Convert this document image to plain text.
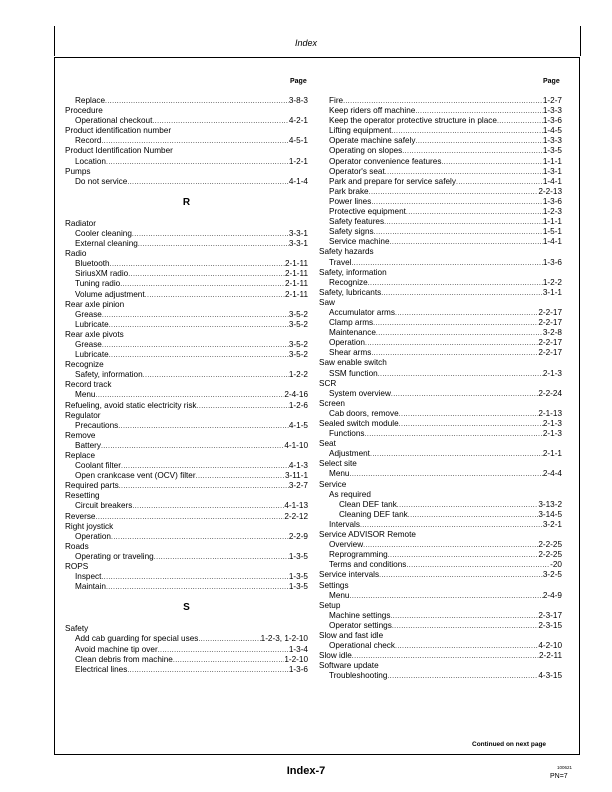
Index
Page	Page
Replace .....	3-8-3
Procedure
Operational checkout .....	4-2-1
Product identification number
Record .....	4-5-1
Product Identification Number
Location .....	1-2-1
Pumps
Do not service .....	4-1-4
R
Radiator
Cooler cleaning .....	3-3-1
External cleaning .....	3-3-1
Radio
Bluetooth .....	2-1-11
SiriusXM radio .....	2-1-11
Tuning radio .....	2-1-11
Volume adjustment .....	2-1-11
Rear axle pinion
Grease .....	3-5-2
Lubricate .....	3-5-2
Rear axle pivots
Grease .....	3-5-2
Lubricate .....	3-5-2
Recognize
Safety, information .....	1-2-2
Record track
Menu .....	2-4-16
Refueling, avoid static electricity risk .....	1-2-6
Regulator
Precautions .....	4-1-5
Remove
Battery .....	4-1-10
Replace
Coolant filter .....	4-1-3
Open crankcase vent (OCV) filter .....	3-11-1
Required parts .....	3-2-7
Resetting
Circuit breakers .....	4-1-13
Reverse .....	2-2-12
Right joystick
Operation .....	2-2-9
Roads
Operating or traveling .....	1-3-5
ROPS
Inspect .....	1-3-5
Maintain .....	1-3-5
S
Safety
Add cab guarding for special uses .....	1-2-3, 1-2-10
Avoid machine tip over .....	1-3-4
Clean debris from machine .....	1-2-10
Electrical lines .....	1-3-6
Fire .....	1-2-7
Keep riders off machine .....	1-3-3
Keep the operator protective structure in place .....	1-3-6
Lifting equipment .....	1-4-5
Operate machine safely .....	1-3-3
Operating on slopes .....	1-3-5
Operator convenience features .....	1-1-1
Operator's seat .....	1-3-1
Park and prepare for service safely .....	1-4-1
Park brake .....	2-2-13
Power lines .....	1-3-6
Protective equipment .....	1-2-3
Safety features .....	1-1-1
Safety signs .....	1-5-1
Service machine .....	1-4-1
Safety hazards
Travel .....	1-3-6
Safety, information
Recognize .....	1-2-2
Safety, lubricants .....	3-1-1
Saw
Accumulator arms .....	2-2-17
Clamp arms .....	2-2-17
Maintenance .....	3-2-8
Operation .....	2-2-17
Shear arms .....	2-2-17
Saw enable switch
SSM function .....	2-1-3
SCR
System overview .....	2-2-24
Screen
Cab doors, remove .....	2-1-13
Sealed switch module .....	2-1-3
Functions .....	2-1-3
Seat
Adjustment .....	2-1-1
Select site
Menu .....	2-4-4
Service
As required
Clean DEF tank .....	3-13-2
Cleaning DEF tank .....	3-14-5
Intervals .....	3-2-1
Service ADVISOR Remote
Overview .....	2-2-25
Reprogramming .....	2-2-25
Terms and conditions .....	-20
Service intervals .....	3-2-5
Settings
Menu .....	2-4-9
Setup
Machine settings .....	2-3-17
Operator settings .....	2-3-15
Slow and fast idle
Operational check .....	4-2-10
Slow idle .....	2-2-11
Software update
Troubleshooting .....	4-3-15
Continued on next page
Index-7	100621
PN=7
